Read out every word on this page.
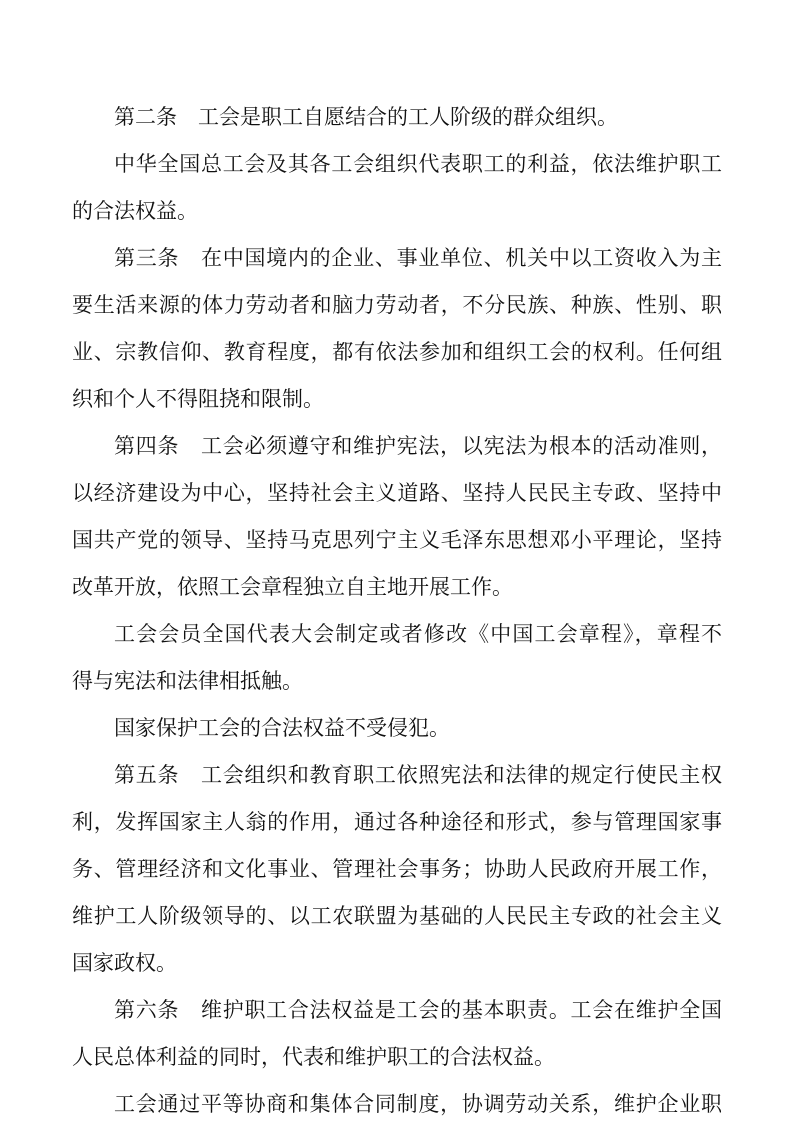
第二条　工会是职工自愿结合的工人阶级的群众组织。
中华全国总工会及其各工会组织代表职工的利益，依法维护职工
的合法权益。
第三条　在中国境内的企业、事业单位、机关中以工资收入为主
要生活来源的体力劳动者和脑力劳动者，不分民族、种族、性别、职
业、宗教信仰、教育程度，都有依法参加和组织工会的权利。任何组
织和个人不得阻挠和限制。
第四条　工会必须遵守和维护宪法，以宪法为根本的活动准则，
以经济建设为中心，坚持社会主义道路、坚持人民民主专政、坚持中
国共产党的领导、坚持马克思列宁主义毛泽东思想邓小平理论，坚持
改革开放，依照工会章程独立自主地开展工作。
工会会员全国代表大会制定或者修改《中国工会章程》，章程不
得与宪法和法律相抵触。
国家保护工会的合法权益不受侵犯。
第五条　工会组织和教育职工依照宪法和法律的规定行使民主权
利，发挥国家主人翁的作用，通过各种途径和形式，参与管理国家事
务、管理经济和文化事业、管理社会事务；协助人民政府开展工作，
维护工人阶级领导的、以工农联盟为基础的人民民主专政的社会主义
国家政权。
第六条　维护职工合法权益是工会的基本职责。工会在维护全国
人民总体利益的同时，代表和维护职工的合法权益。
工会通过平等协商和集体合同制度，协调劳动关系，维护企业职
